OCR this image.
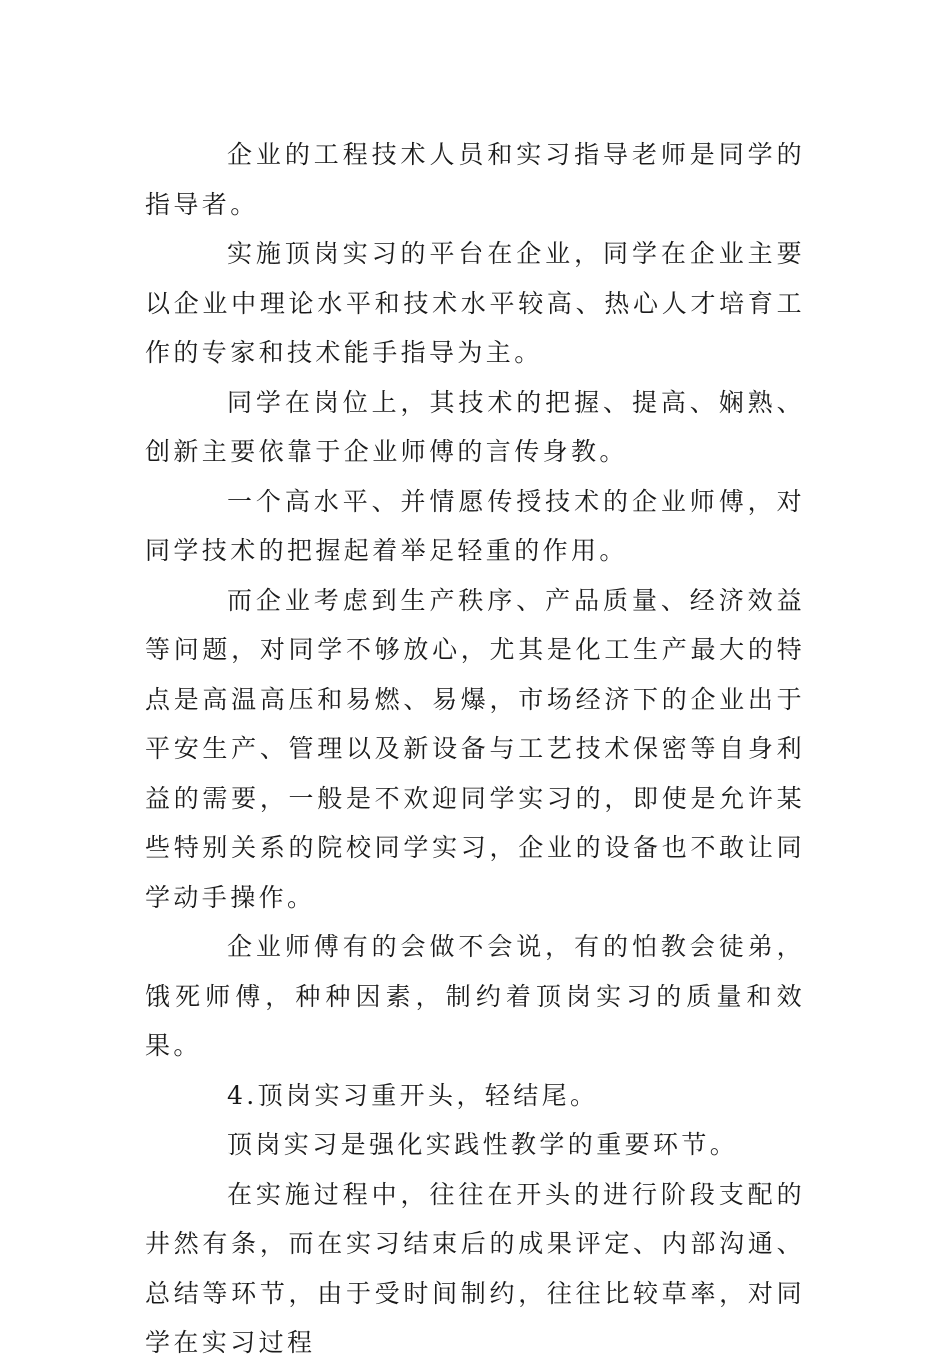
企业的工程技术人员和实习指导老师是同学的指导者。

实施顶岗实习的平台在企业，同学在企业主要以企业中理论水平和技术水平较高、热心人才培育工作的专家和技术能手指导为主。

同学在岗位上，其技术的把握、提高、娴熟、创新主要依靠于企业师傅的言传身教。

一个高水平、并情愿传授技术的企业师傅，对同学技术的把握起着举足轻重的作用。

而企业考虑到生产秩序、产品质量、经济效益等问题，对同学不够放心，尤其是化工生产最大的特点是高温高压和易燃、易爆，市场经济下的企业出于平安生产、管理以及新设备与工艺技术保密等自身利益的需要，一般是不欢迎同学实习的，即使是允许某些特别关系的院校同学实习，企业的设备也不敢让同学动手操作。

企业师傅有的会做不会说，有的怕教会徒弟，饿死师傅，种种因素，制约着顶岗实习的质量和效果。

4.顶岗实习重开头，轻结尾。

顶岗实习是强化实践性教学的重要环节。

在实施过程中，往往在开头的进行阶段支配的井然有条，而在实习结束后的成果评定、内部沟通、总结等环节，由于受时间制约，往往比较草率，对同学在实习过程
